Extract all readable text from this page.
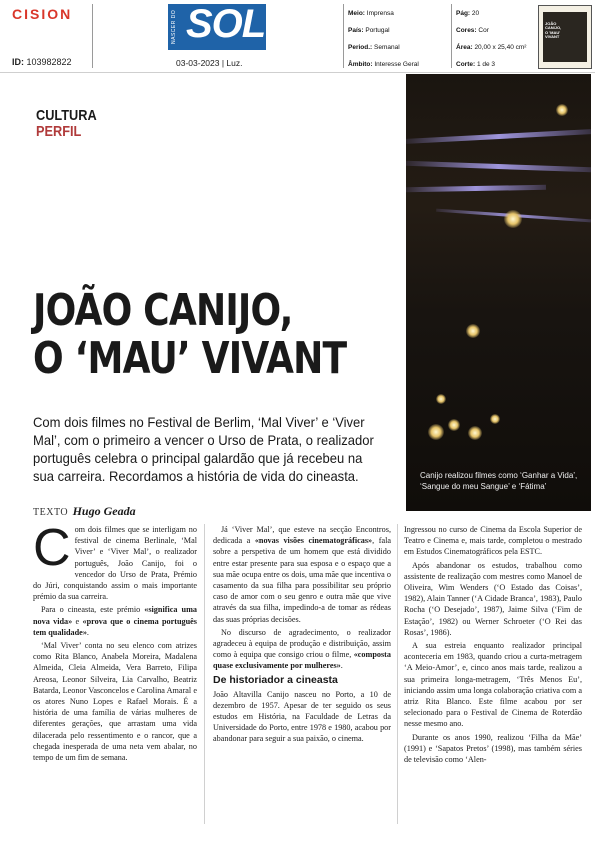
CISION
ID: 103982822
NASCER DO SOL
03-03-2023 | Luz.
Meio: Imprensa
País: Portugal
Period.: Semanal
Âmbito: Interesse Geral
Pág: 20
Cores: Cor
Área: 20,00 x 25,40 cm²
Corte: 1 de 3
JOÃO CANIJO, O 'MAU' VIVANT
CULTURA
PERFIL
Canijo realizou filmes como ‘Ganhar a Vida’, ‘Sangue do meu Sangue’ e ‘Fátima’
JOÃO CANIJO,
O ‘MAU’ VIVANT
Com dois filmes no Festival de Berlim, ‘Mal Viver’ e ‘Viver Mal’, com o primeiro a vencer o Urso de Prata, o realizador português celebra o principal galardão que já recebeu na sua carreira. Recordamos a história de vida do cineasta.
TEXTO Hugo Geada

Com dois filmes que se interligam no festival de cinema Berlinale, ‘Mal Viver’ e ‘Viver Mal’, o realizador português, João Canijo, foi o vencedor do Urso de Prata, Prémio do Júri, conquistando assim o mais importante prémio da sua carreira.

Para o cineasta, este prémio «significa uma nova vida» e «prova que o cinema português tem qualidade».

‘Mal Viver’ conta no seu elenco com atrizes como Rita Blanco, Anabela Moreira, Madalena Almeida, Cleia Almeida, Vera Barreto, Filipa Areosa, Leonor Silveira, Lia Carvalho, Beatriz Batarda, Leonor Vasconcelos e Carolina Amaral e os atores Nuno Lopes e Rafael Morais. É a história de uma família de várias mulheres de diferentes gerações, que arrastam uma vida dilacerada pelo ressentimento e o rancor, que a chegada inesperada de uma neta vem abalar, no tempo de um fim de semana.

Já ‘Viver Mal’, que esteve na secção Encontros, dedicada a «novas visões cinematográficas», fala sobre a perspetiva de um homem que está dividido entre estar presente para sua esposa e o espaço que a sua mãe ocupa entre os dois, uma mãe que incentiva o casamento da sua filha para possibilitar seu próprio caso de amor com o seu genro e outra mãe que vive através da sua filha, impedindo-a de tomar as rédeas das suas próprias decisões.

No discurso de agradecimento, o realizador agradeceu à equipa de produção e distribuição, assim como à equipa que consigo criou o filme, «composta quase exclusivamente por mulheres».

De historiador a cineasta

João Altavilla Canijo nasceu no Porto, a 10 de dezembro de 1957. Apesar de ter seguido os seus estudos em História, na Faculdade de Letras da Universidade do Porto, entre 1978 e 1980, acabou por abandonar para seguir a sua paixão, o cinema.

Ingressou no curso de Cinema da Escola Superior de Teatro e Cinema e, mais tarde, completou o mestrado em Estudos Cinematográficos pela ESTC.

Após abandonar os estudos, trabalhou como assistente de realização com mestres como Manoel de Oliveira, Wim Wenders (‘O Estado das Coisas’, 1982), Alain Tanner (‘A Cidade Branca’, 1983), Paulo Rocha (‘O Desejado’, 1987), Jaime Silva (‘Fim de Estação’, 1982) ou Werner Schroeter (‘O Rei das Rosas’, 1986).

A sua estreia enquanto realizador principal aconteceria em 1983, quando criou a curta-metragem ‘A Meio-Amor’, e, cinco anos mais tarde, realizou a sua primeira longa-metragem, ‘Três Menos Eu’, iniciando assim uma longa colaboração criativa com a atriz Rita Blanco. Este filme acabou por ser selecionado para o Festival de Cinema de Roterdão nesse mesmo ano.

Durante os anos 1990, realizou ‘Filha da Mãe’ (1991) e ‘Sapatos Pretos’ (1998), mas também séries de televisão como ‘Alen-
